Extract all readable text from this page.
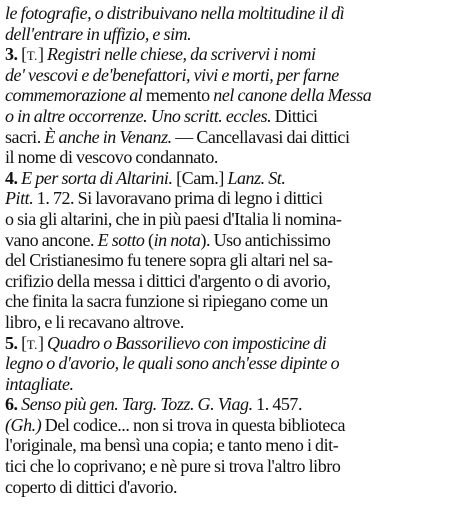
le fotografie, o distribuivano nella moltitudine il dì
dell'entrare in uffizio, e sim.
3. [T.] Registri nelle chiese, da scrivervi i nomi
de' vescovi e de'benefattori, vivi e morti, per farne
commemorazione al memento nel canone della Messa
o in altre occorrenze. Uno scritt. eccles. Dittici
sacri. È anche in Venanz. — Cancellavasi dai dittici
il nome di vescovo condannato.
4. E per sorta di Altarini. [Cam.] Lanz. St.
Pitt. 1. 72. Si lavoravano prima di legno i dittici
o sia gli altarini, che in più paesi d'Italia li nomina-
vano ancone. E sotto (in nota). Uso antichissimo
del Cristianesimo fu tenere sopra gli altari nel sa-
crifizio della messa i dittici d'argento o di avorio,
che finita la sacra funzione si ripiegano come un
libro, e li recavano altrove.
5. [T.] Quadro o Bassorilievo con imposticine di
legno o d'avorio, le quali sono anch'esse dipinte o
intagliate.
6. Senso più gen. Targ. Tozz. G. Viag. 1. 457.
(Gh.) Del codice... non si trova in questa biblioteca
l'originale, ma bensì una copia; e tanto meno i dit-
tici che lo coprivano; e nè pure si trova l'altro libro
coperto di dittici d'avorio.
